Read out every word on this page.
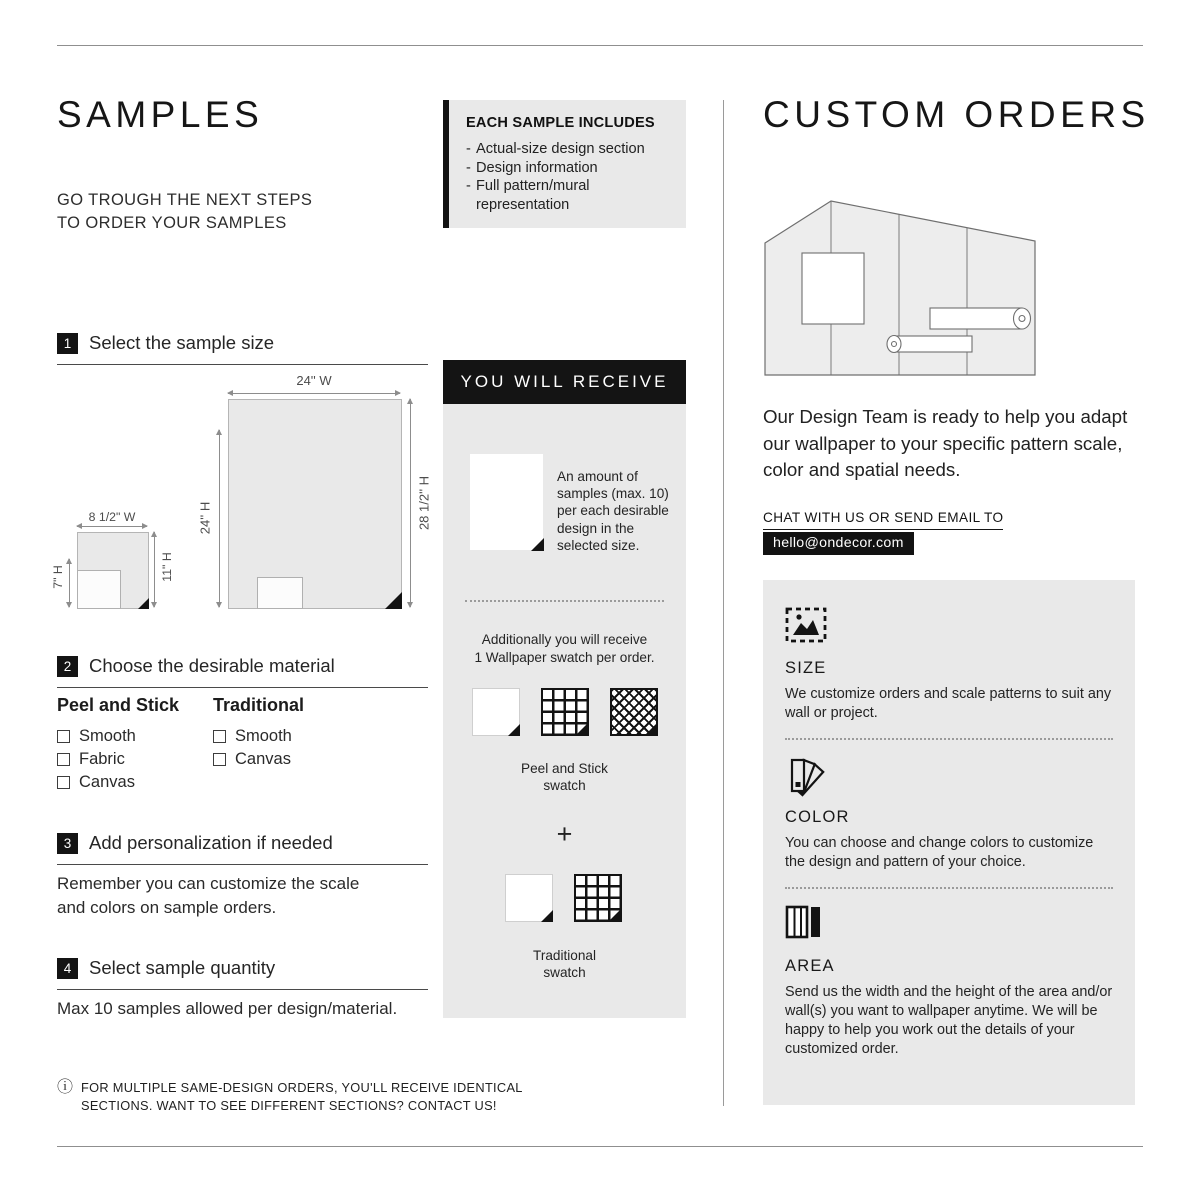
SAMPLES
GO TROUGH THE NEXT STEPS
TO ORDER YOUR SAMPLES
1 Select the sample size
24'' W
24'' H	28 1/2'' H
8 1/2" W
7" H	11" H
2 Choose the desirable material
Peel and Stick
Smooth
Fabric
Canvas
Traditional
Smooth
Canvas
3 Add personalization if needed

Remember you can customize the scale
and colors on sample orders.

4 Select sample quantity

Max 10 samples allowed per design/material.

ⓘ FOR MULTIPLE SAME-DESIGN ORDERS, YOU'LL RECEIVE IDENTICAL
SECTIONS. WANT TO SEE DIFFERENT SECTIONS? CONTACT US!
EACH SAMPLE INCLUDES
- Actual-size design section
- Design information
- Full pattern/mural representation
YOU WILL RECEIVE
An amount of samples (max. 10) per each desirable design in the selected size.
Additionally you will receive
1 Wallpaper swatch per order.
Peel and Stick swatch
+
Traditional swatch
CUSTOM ORDERS

Our Design Team is ready to help you adapt our wallpaper to your specific pattern scale, color and spatial needs.

CHAT WITH US OR SEND EMAIL TO
hello@ondecor.com
SIZE
We customize orders and scale patterns to suit any wall or project.
COLOR
You can choose and change colors to customize the design and pattern of your choice.
AREA
Send us the width and the height of the area and/or wall(s) you want to wallpaper anytime. We will be happy to help you work out the details of your customized order.
